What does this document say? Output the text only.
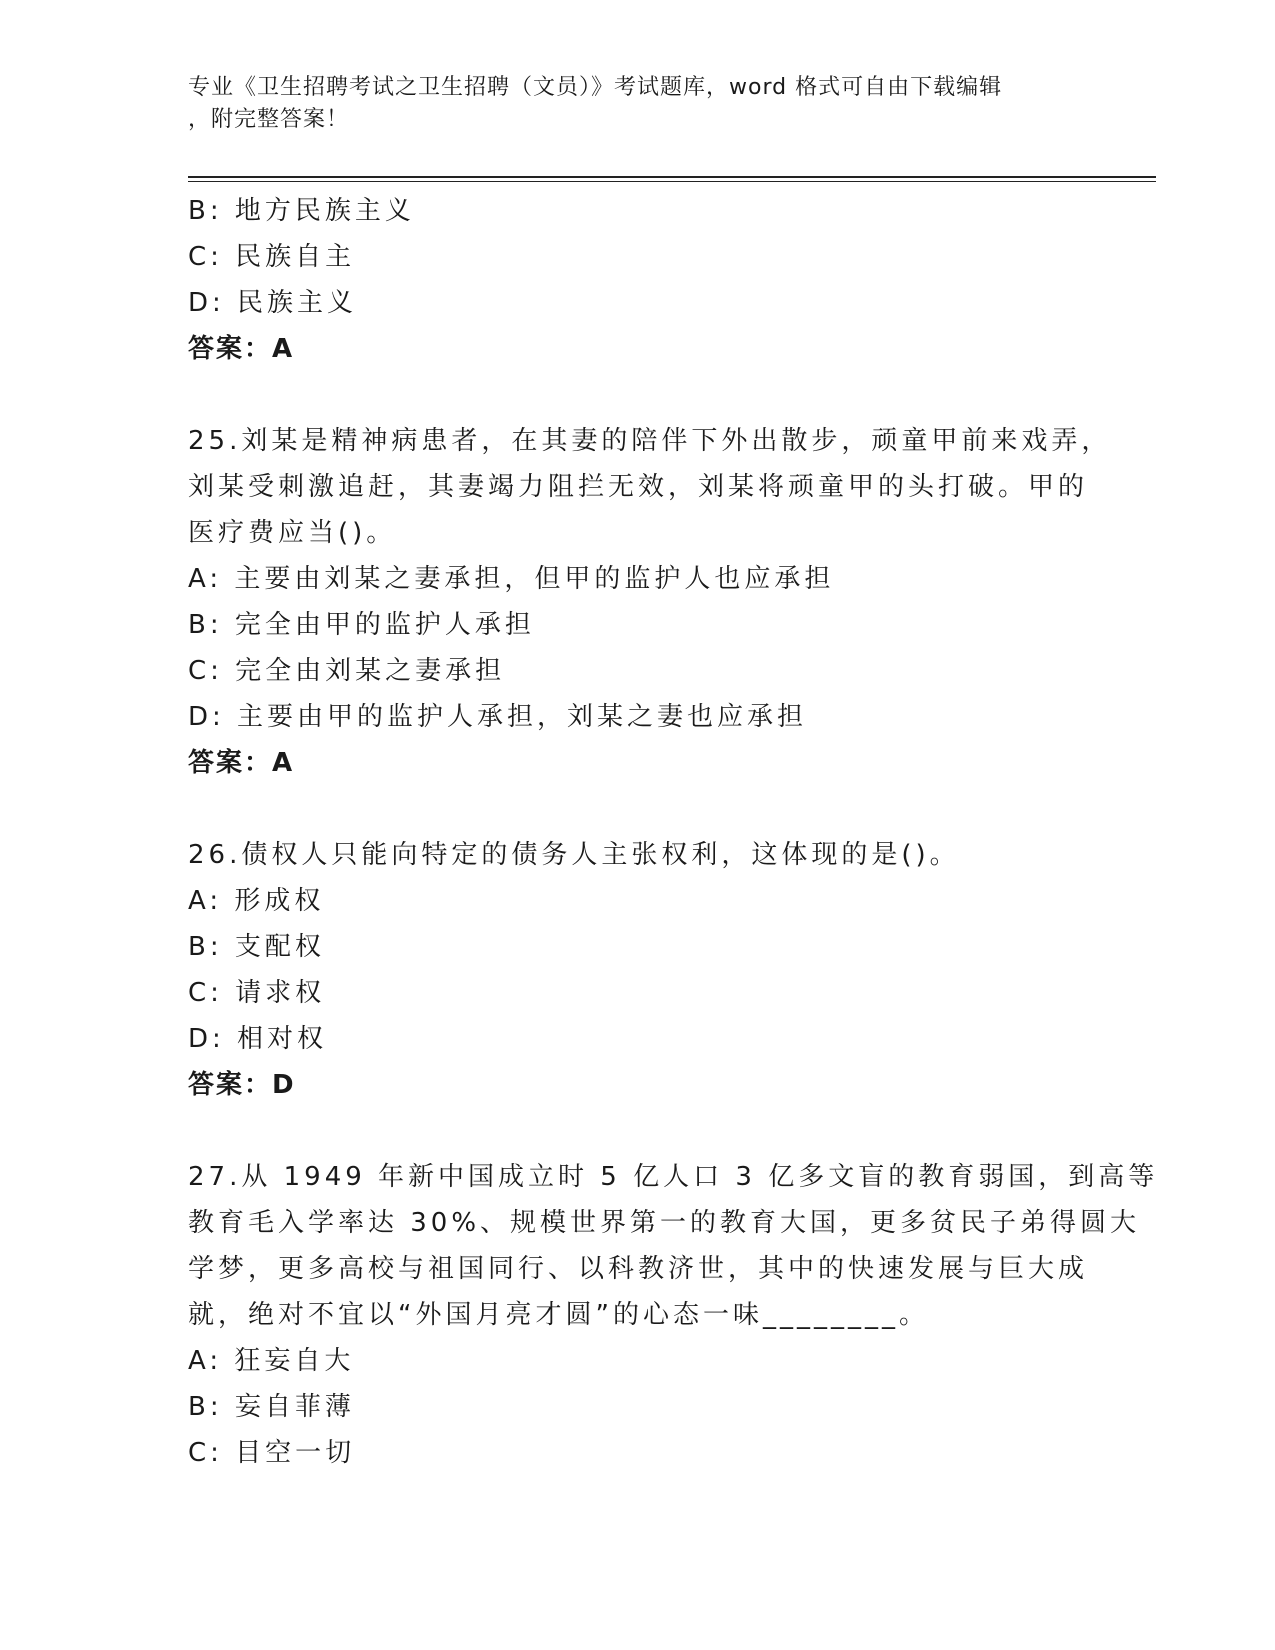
专业《卫生招聘考试之卫生招聘（文员）》考试题库，word 格式可自由下载编辑
，附完整答案！
B: 地方民族主义
C: 民族自主
D: 民族主义
答案：A
25.刘某是精神病患者，在其妻的陪伴下外出散步，顽童甲前来戏弄，
刘某受刺激追赶，其妻竭力阻拦无效，刘某将顽童甲的头打破。甲的
医疗费应当()。
A: 主要由刘某之妻承担，但甲的监护人也应承担
B: 完全由甲的监护人承担
C: 完全由刘某之妻承担
D: 主要由甲的监护人承担，刘某之妻也应承担
答案：A
26.债权人只能向特定的债务人主张权利，这体现的是()。
A: 形成权
B: 支配权
C: 请求权
D: 相对权
答案：D
27.从 1949 年新中国成立时 5 亿人口 3 亿多文盲的教育弱国，到高等
教育毛入学率达 30%、规模世界第一的教育大国，更多贫民子弟得圆大
学梦，更多高校与祖国同行、以科教济世，其中的快速发展与巨大成
就，绝对不宜以“外国月亮才圆”的心态一味________。
A: 狂妄自大
B: 妄自菲薄
C: 目空一切
